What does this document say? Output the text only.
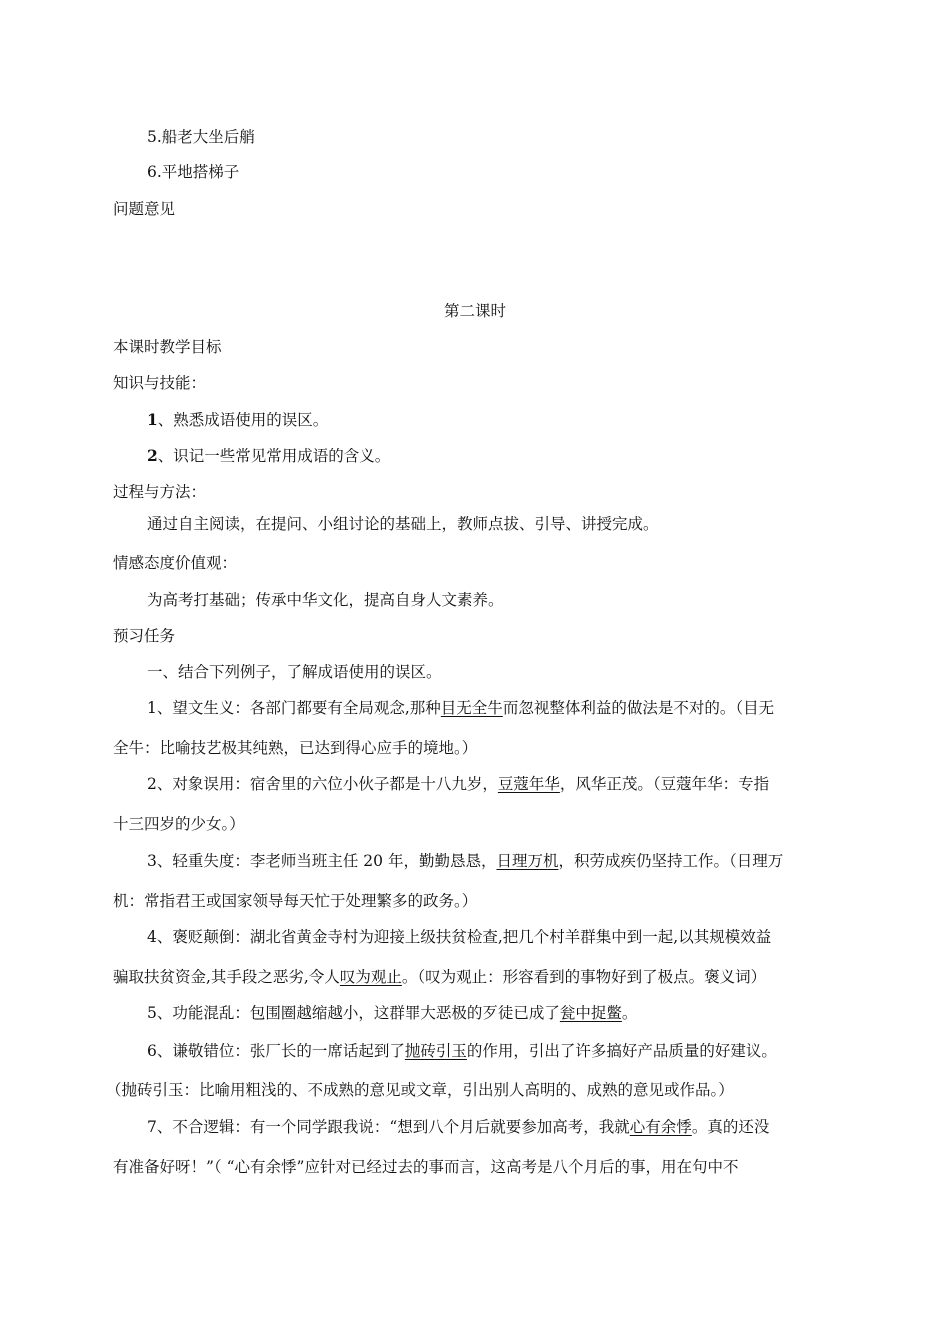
5.船老大坐后艄
6.平地搭梯子
问题意见
第二课时
本课时教学目标
知识与技能：
1、熟悉成语使用的误区。
2、识记一些常见常用成语的含义。
过程与方法：
通过自主阅读，在提问、小组讨论的基础上，教师点拔、引导、讲授完成。
情感态度价值观：
为高考打基础；传承中华文化，提高自身人文素养。
预习任务
一、结合下列例子，了解成语使用的误区。
1、望文生义：各部门都要有全局观念,那种目无全牛而忽视整体利益的做法是不对的。（目无
全牛：比喻技艺极其纯熟，已达到得心应手的境地。）
2、对象误用：宿舍里的六位小伙子都是十八九岁，豆蔻年华，风华正茂。（豆蔻年华：专指
十三四岁的少女。）
3、轻重失度：李老师当班主任 20 年，勤勤恳恳，日理万机，积劳成疾仍坚持工作。（日理万
机：常指君王或国家领导每天忙于处理繁多的政务。）
4、褒贬颠倒：湖北省黄金寺村为迎接上级扶贫检查,把几个村羊群集中到一起,以其规模效益
骗取扶贫资金,其手段之恶劣,令人叹为观止。（叹为观止：形容看到的事物好到了极点。褒义词）
5、功能混乱：包围圈越缩越小，这群罪大恶极的歹徒已成了瓮中捉鳖。
6、谦敬错位：张厂长的一席话起到了抛砖引玉的作用，引出了许多搞好产品质量的好建议。
（抛砖引玉：比喻用粗浅的、不成熟的意见或文章，引出别人高明的、成熟的意见或作品。）
7、不合逻辑：有一个同学跟我说：“想到八个月后就要参加高考，我就心有余悸。真的还没
有准备好呀！”（ “心有余悸”应针对已经过去的事而言，这高考是八个月后的事，用在句中不
